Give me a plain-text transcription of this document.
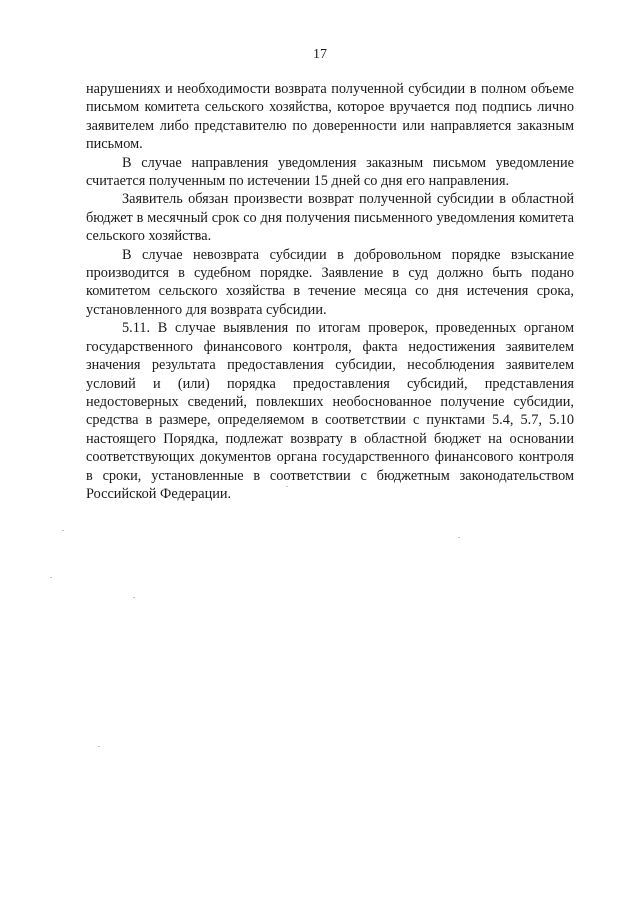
17

нарушениях и необходимости возврата полученной субсидии в полном объеме письмом комитета сельского хозяйства, которое вручается под подпись лично заявителем либо представителю по доверенности или направляется заказным письмом.

В случае направления уведомления заказным письмом уведомление считается полученным по истечении 15 дней со дня его направления.

Заявитель обязан произвести возврат полученной субсидии в областной бюджет в месячный срок со дня получения письменного уведомления комитета сельского хозяйства.

В случае невозврата субсидии в добровольном порядке взыскание производится в судебном порядке. Заявление в суд должно быть подано комитетом сельского хозяйства в течение месяца со дня истечения срока, установленного для возврата субсидии.

5.11. В случае выявления по итогам проверок, проведенных органом государственного финансового контроля, факта недостижения заявителем значения результата предоставления субсидии, несоблюдения заявителем условий и (или) порядка предоставления субсидий, представления недостоверных сведений, повлекших необоснованное получение субсидии, средства в размере, определяемом в соответствии с пунктами 5.4, 5.7, 5.10 настоящего Порядка, подлежат возврату в областной бюджет на основании соответствующих документов органа государственного финансового контроля в сроки, установленные в соответствии с бюджетным законодательством Российской Федерации.
